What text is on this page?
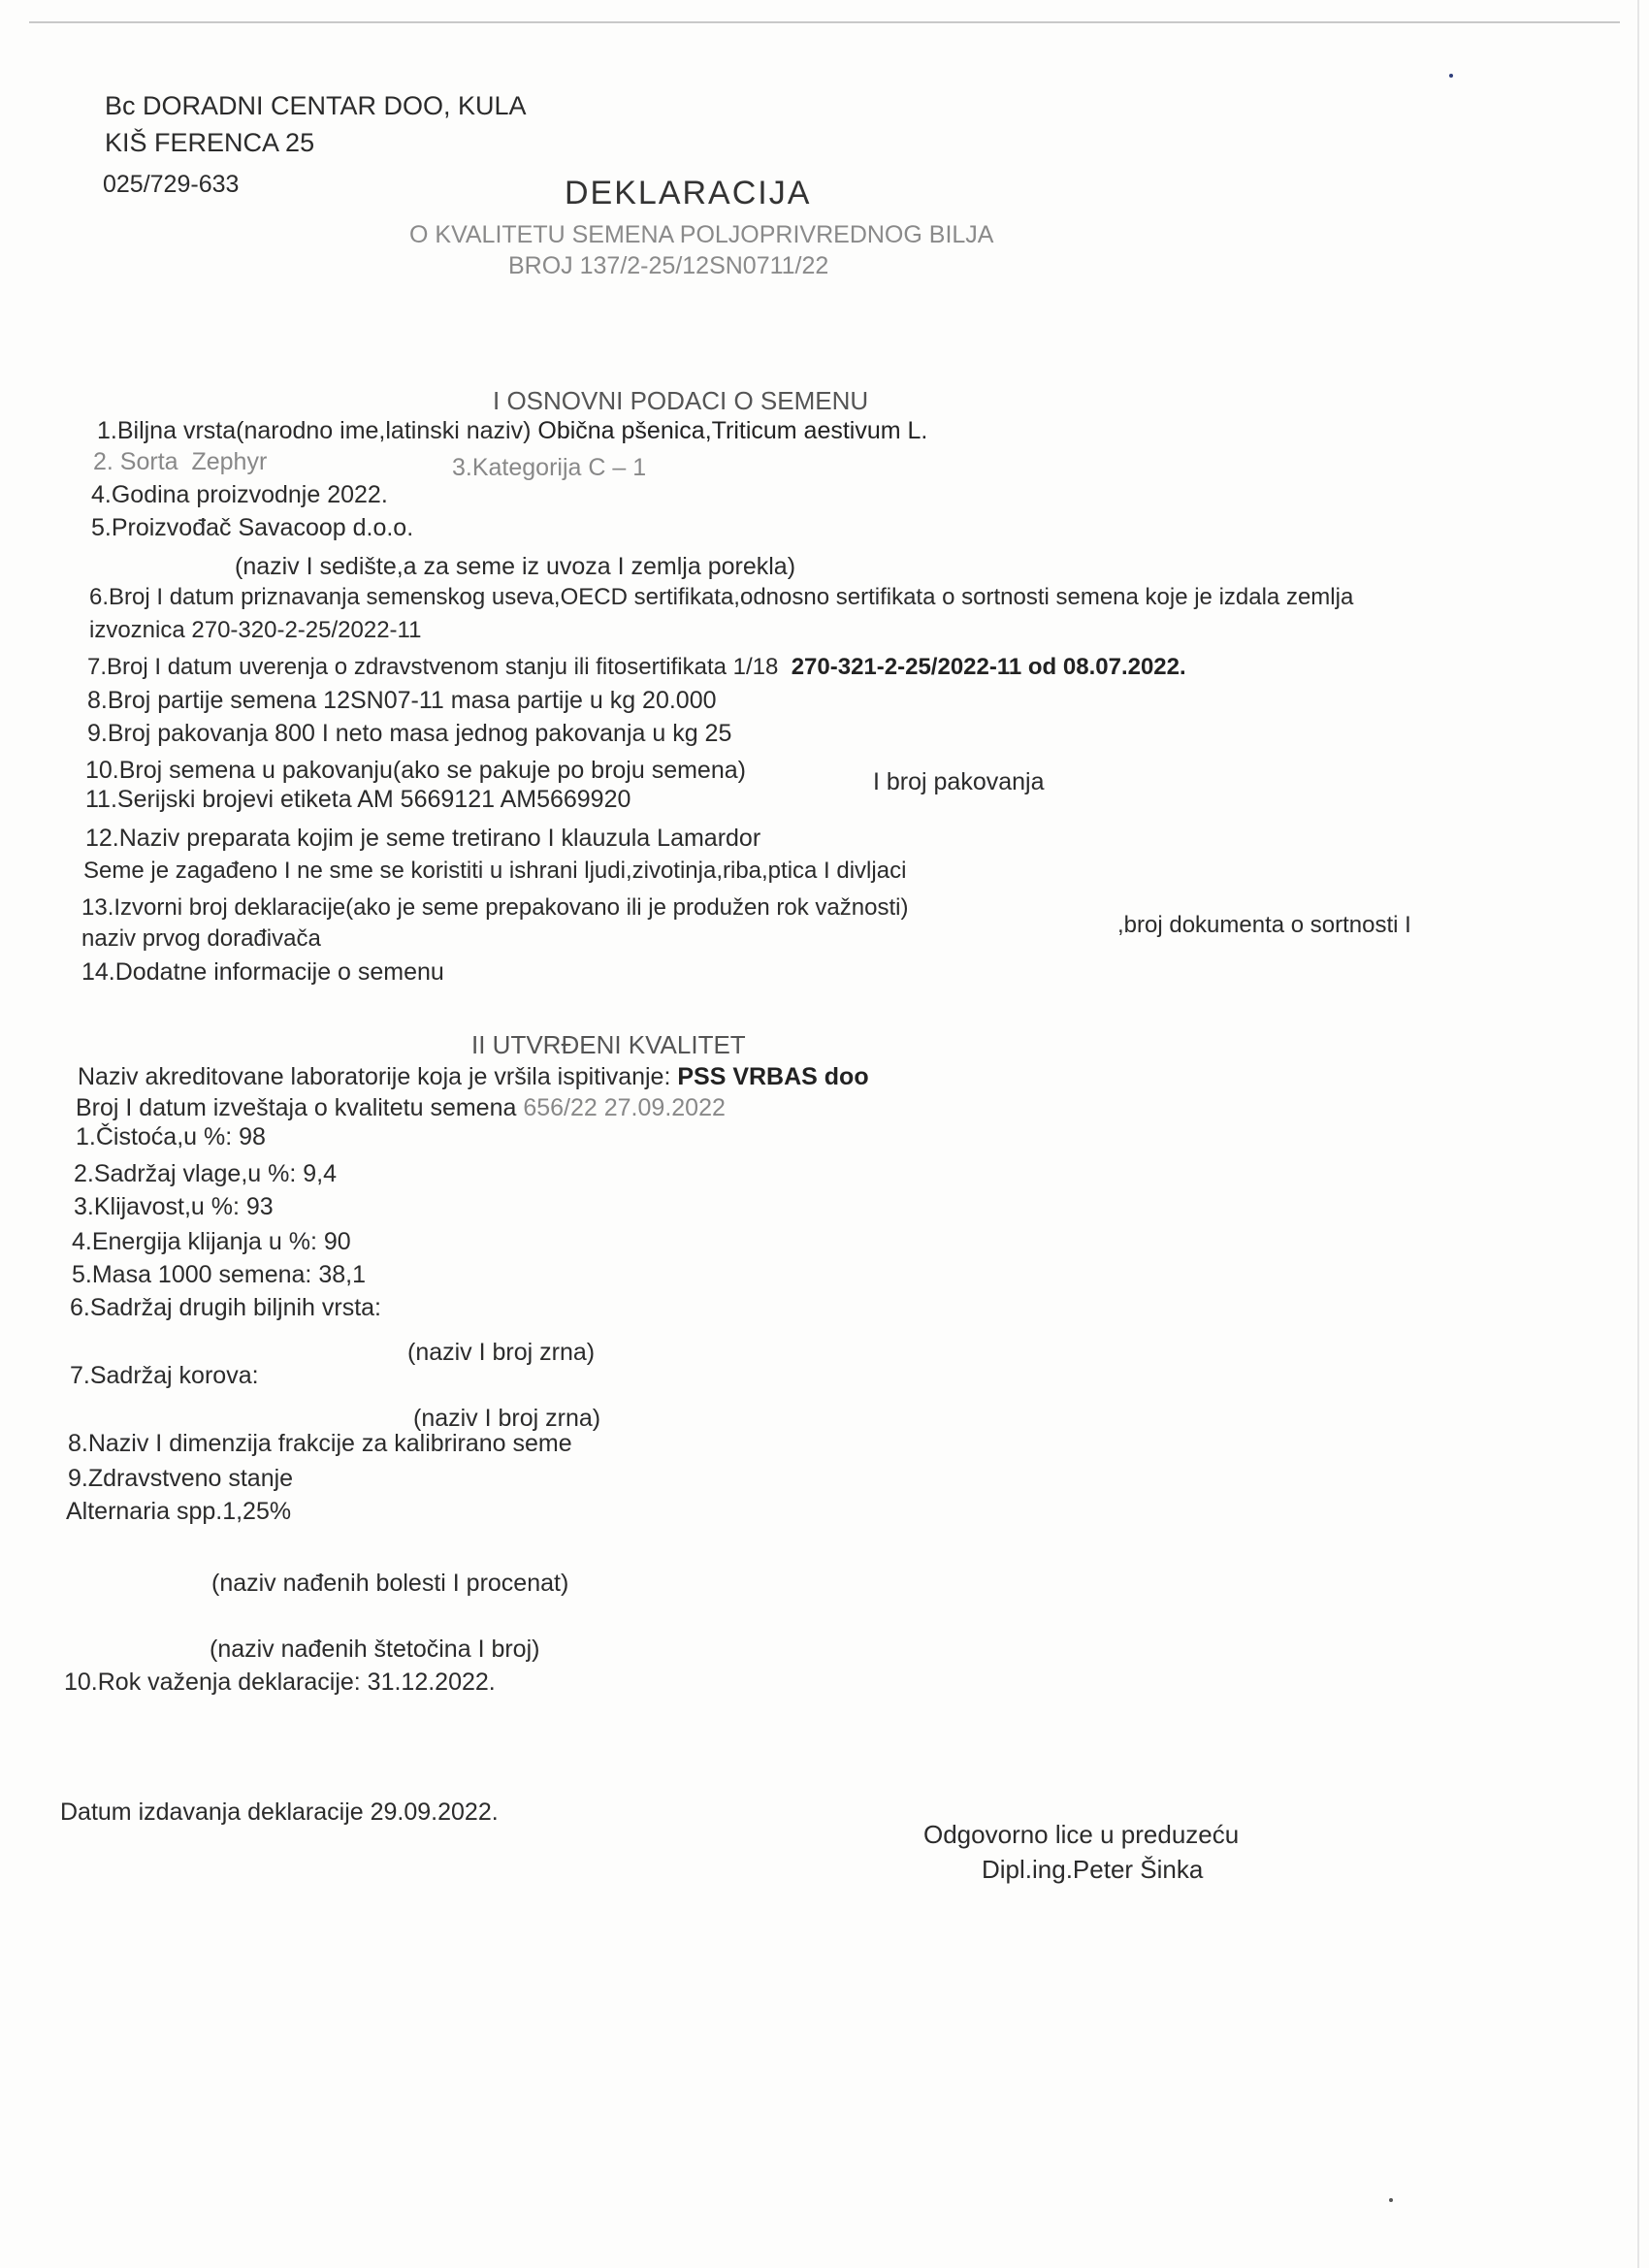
Bc DORADNI CENTAR DOO, KULA
KIŠ FERENCA 25
025/729-633	DEKLARACIJA
O KVALITETU SEMENA POLJOPRIVREDNOG BILJA
BROJ 137/2-25/12SN0711/22
I OSNOVNI PODACI O SEMENU
1.Biljna vrsta(narodno ime,latinski naziv) Obična pšenica,Triticum aestivum L.
2. Sorta Zephyr	3.Kategorija C – 1
4.Godina proizvodnje 2022.
5.Proizvođač Savacoop d.o.o.
(naziv I sedište,a za seme iz uvoza I zemlja porekla)
6.Broj I datum priznavanja semenskog useva,OECD sertifikata,odnosno sertifikata o sortnosti semena koje je izdala zemlja
izvoznica 270-320-2-25/2022-11
7.Broj I datum uverenja o zdravstvenom stanju ili fitosertifikata 1/18 270-321-2-25/2022-11 od 08.07.2022.
8.Broj partije semena 12SN07-11 masa partije u kg 20.000
9.Broj pakovanja 800 I neto masa jednog pakovanja u kg 25
10.Broj semena u pakovanju(ako se pakuje po broju semena)	I broj pakovanja
11.Serijski brojevi etiketa AM 5669121 AM5669920
12.Naziv preparata kojim je seme tretirano I klauzula Lamardor
Seme je zagađeno I ne sme se koristiti u ishrani ljudi,zivotinja,riba,ptica I divljaci
13.Izvorni broj deklaracije(ako je seme prepakovano ili je produžen rok važnosti)
,broj dokumenta o sortnosti I
naziv prvog dorađivača
14.Dodatne informacije o semenu
II UTVRĐENI KVALITET
Naziv akreditovane laboratorije koja je vršila ispitivanje: PSS VRBAS doo
Broj I datum izveštaja o kvalitetu semena 656/22 27.09.2022
1.Čistoća,u %: 98
2.Sadržaj vlage,u %: 9,4
3.Klijavost,u %: 93
4.Energija klijanja u %: 90
5.Masa 1000 semena: 38,1
6.Sadržaj drugih biljnih vrsta:
(naziv I broj zrna)
7.Sadržaj korova:
(naziv I broj zrna)
8.Naziv I dimenzija frakcije za kalibrirano seme
9.Zdravstveno stanje
Alternaria spp.1,25%
(naziv nađenih bolesti I procenat)
(naziv nađenih štetočina I broj)
10.Rok važenja deklaracije: 31.12.2022.
Datum izdavanja deklaracije 29.09.2022.
Odgovorno lice u preduzeću
Dipl.ing.Peter Šinka
